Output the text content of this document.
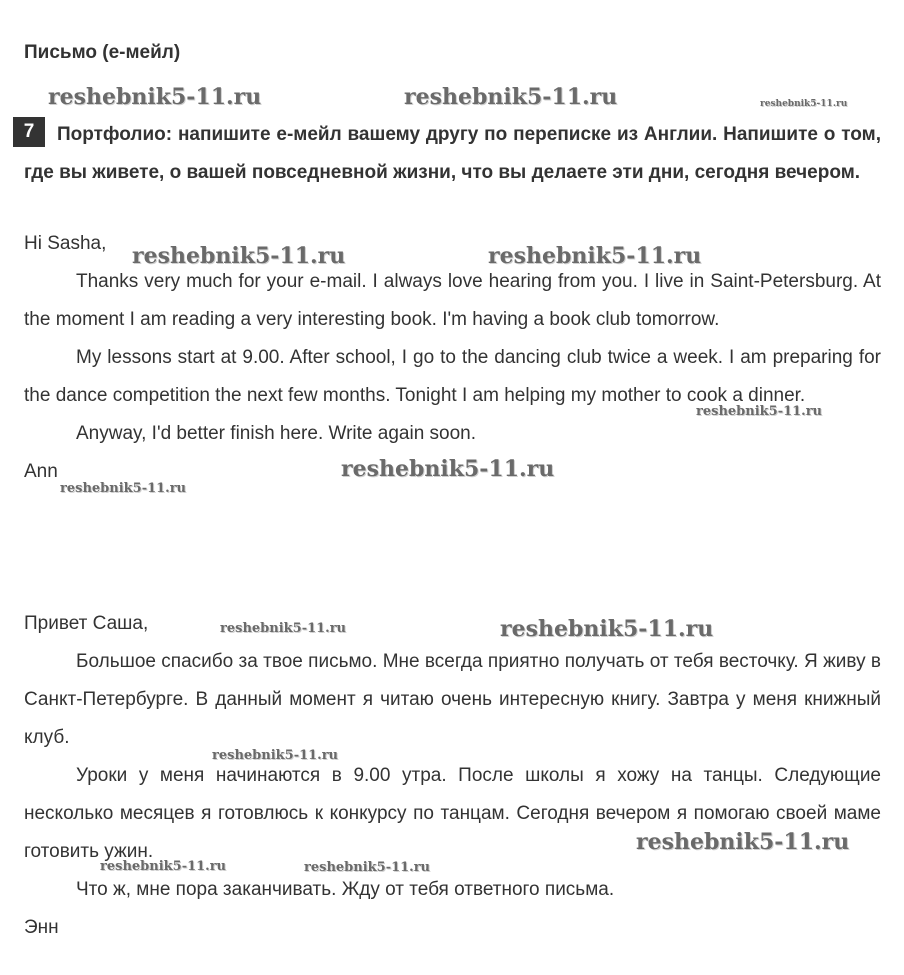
Письмо (е-мейл)
Портфолио: напишите е-мейл вашему другу по переписке из Англии. Напишите о том, где вы живете, о вашей повседневной жизни, что вы делаете эти дни, сегодня вечером.
7

Hi Sasha,

Thanks very much for your e-mail. I always love hearing from you. I live in Saint-Petersburg. At the moment I am reading a very interesting book. I'm having a book club tomorrow.

My lessons start at 9.00. After school, I go to the dancing club twice a week. I am preparing for the dance competition the next few months. Tonight I am helping my mother to cook a dinner.

Anyway, I'd better finish here. Write again soon.

Ann

Привет Саша,

Большое спасибо за твое письмо. Мне всегда приятно получать от тебя весточку. Я живу в Санкт-Петербурге. В данный момент я читаю очень интересную книгу. Завтра у меня книжный клуб.

Уроки у меня начинаются в 9.00 утра. После школы я хожу на танцы. Следующие несколько месяцев я готовлюсь к конкурсу по танцам. Сегодня вечером я помогаю своей маме готовить ужин.

Что ж, мне пора заканчивать. Жду от тебя ответного письма.

Энн

reshebnik5-11.ru	reshebnik5-11.ru	reshebnik5-11.ru
reshebnik5-11.ru	reshebnik5-11.ru
reshebnik5-11.ru
reshebnik5-11.ru
reshebnik5-11.ru
reshebnik5-11.ru	reshebnik5-11.ru
reshebnik5-11.ru
reshebnik5-11.ru
reshebnik5-11.ru	reshebnik5-11.ru
